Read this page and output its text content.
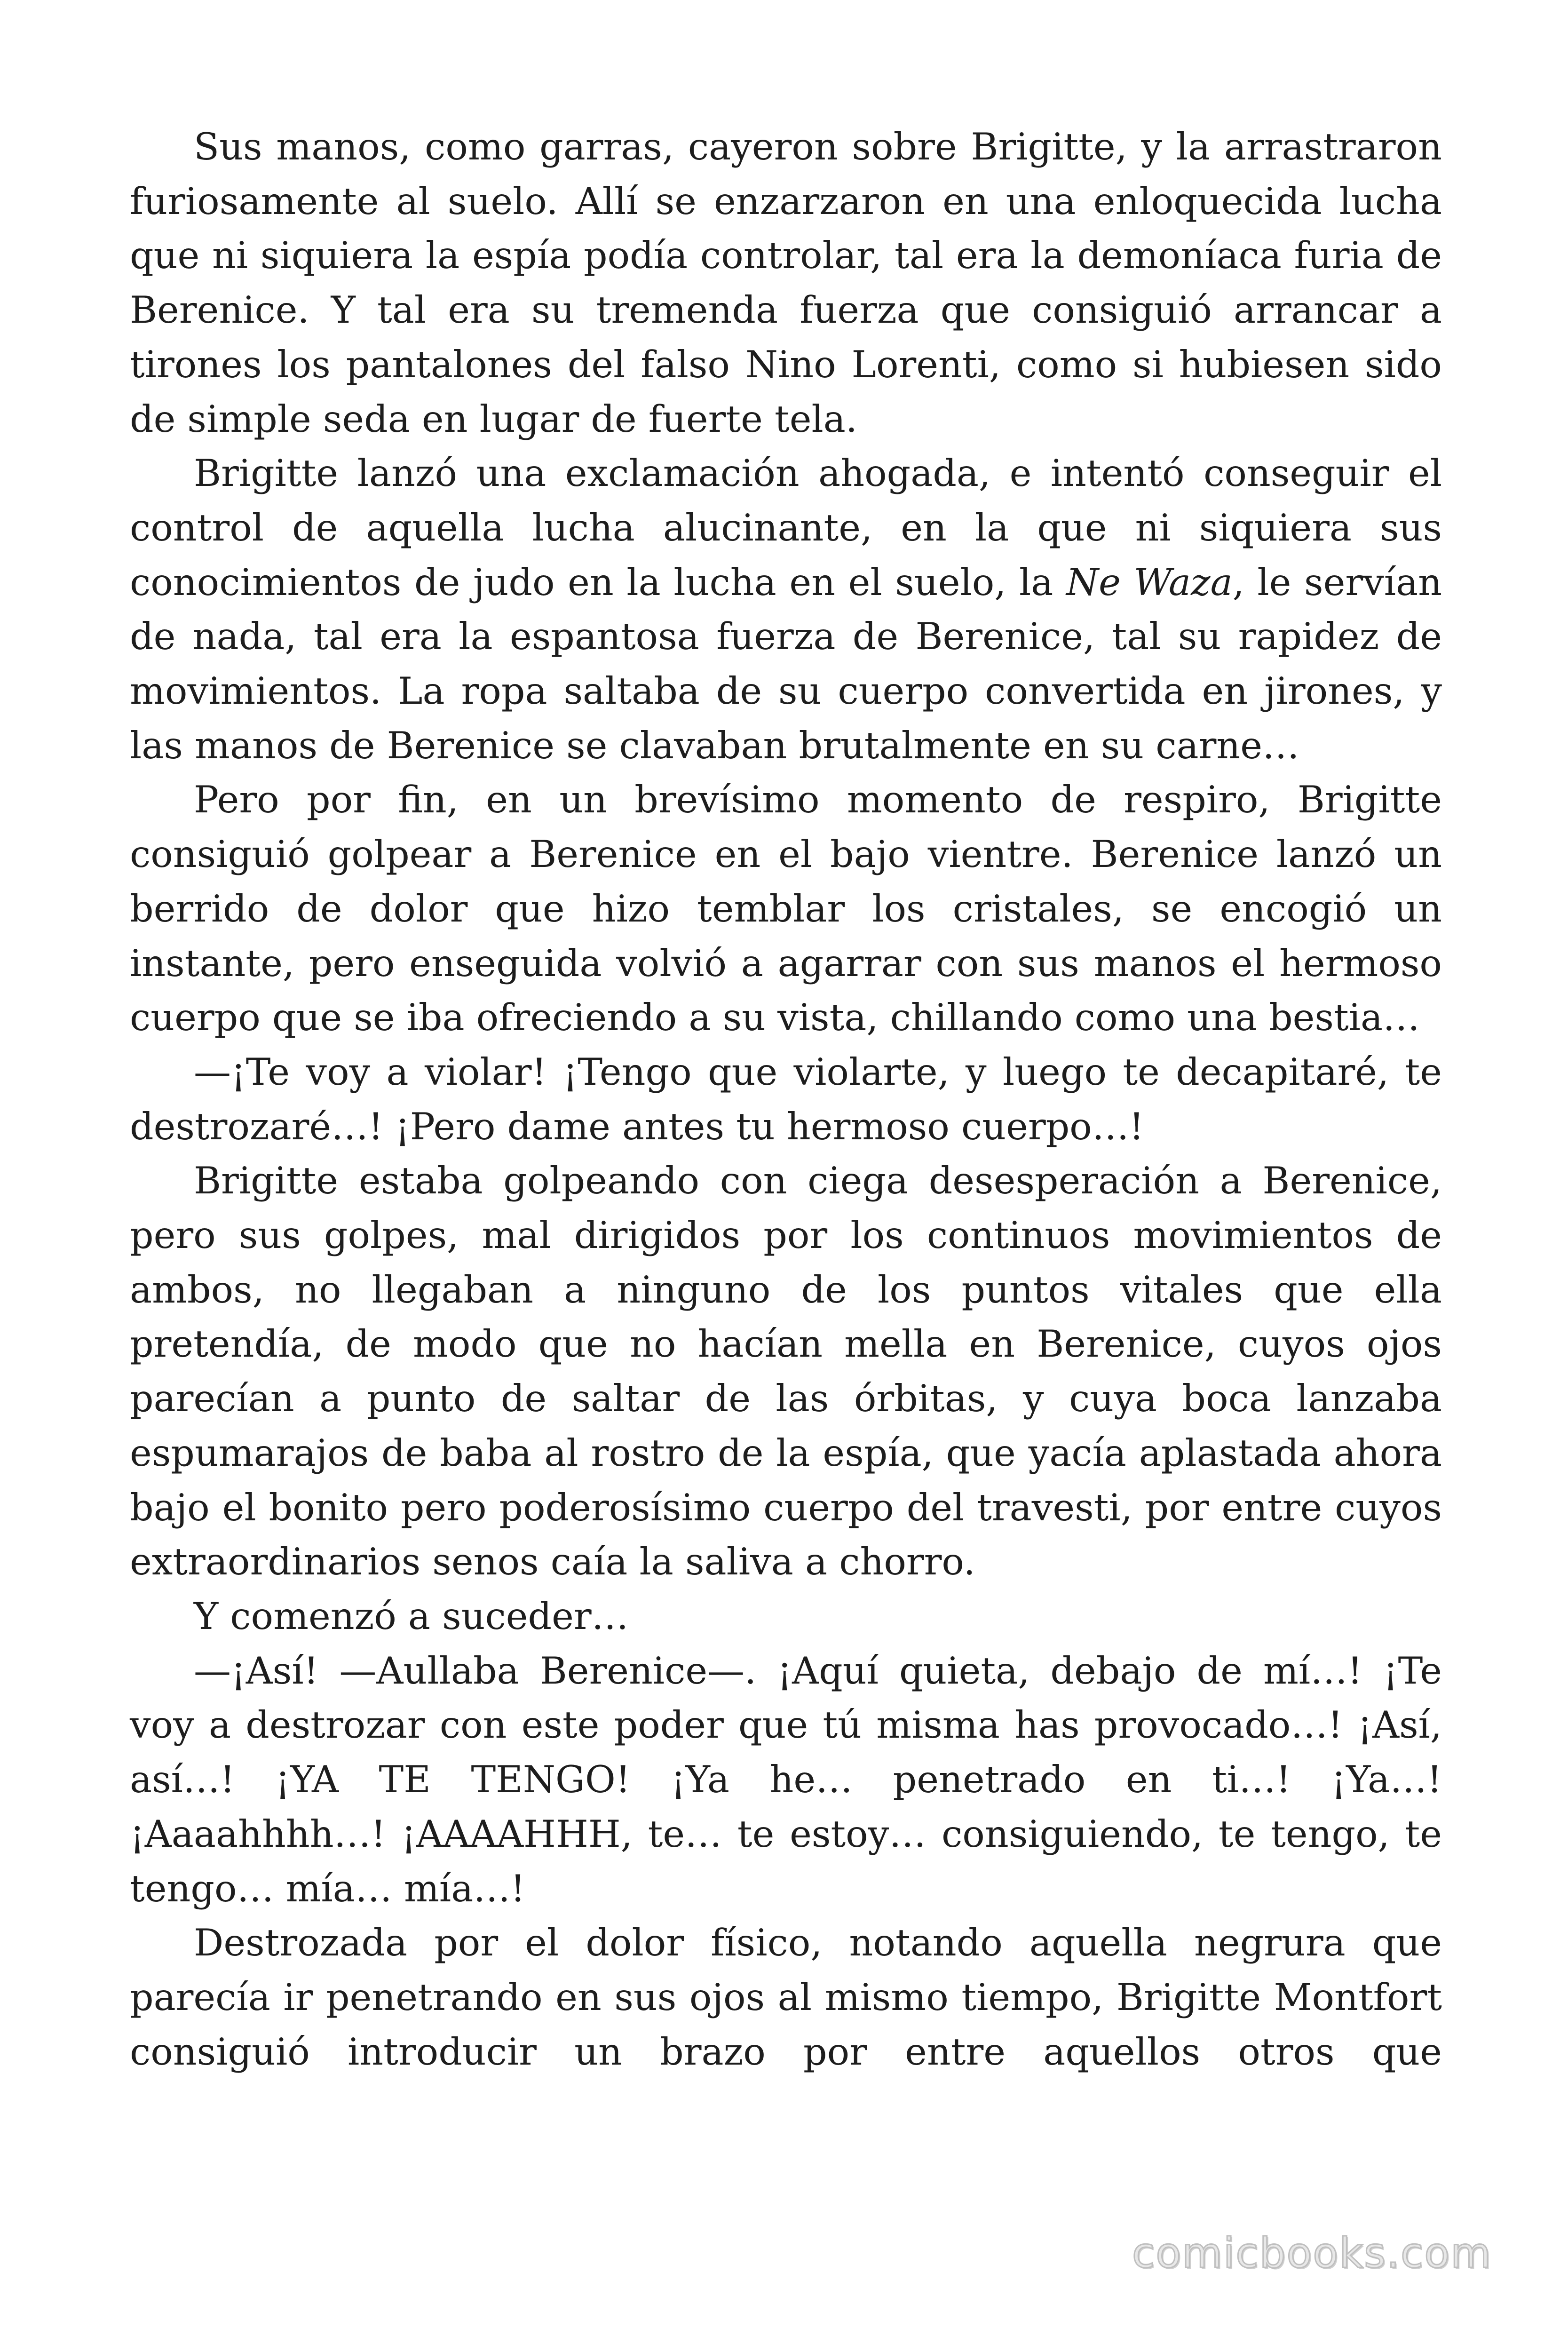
Sus manos, como garras, cayeron sobre Brigitte, y la arrastraron furiosamente al suelo. Allí se enzarzaron en una enloquecida lucha que ni siquiera la espía podía controlar, tal era la demoníaca furia de Berenice. Y tal era su tremenda fuerza que consiguió arrancar a tirones los pantalones del falso Nino Lorenti, como si hubiesen sido de simple seda en lugar de fuerte tela.

Brigitte lanzó una exclamación ahogada, e intentó conseguir el control de aquella lucha alucinante, en la que ni siquiera sus conocimientos de judo en la lucha en el suelo, la Ne Waza, le servían de nada, tal era la espantosa fuerza de Berenice, tal su rapidez de movimientos. La ropa saltaba de su cuerpo convertida en jirones, y las manos de Berenice se clavaban brutalmente en su carne…

Pero por fin, en un brevísimo momento de respiro, Brigitte consiguió golpear a Berenice en el bajo vientre. Berenice lanzó un berrido de dolor que hizo temblar los cristales, se encogió un instante, pero enseguida volvió a agarrar con sus manos el hermoso cuerpo que se iba ofreciendo a su vista, chillando como una bestia…

—¡Te voy a violar! ¡Tengo que violarte, y luego te decapitaré, te destrozaré…! ¡Pero dame antes tu hermoso cuerpo…!

Brigitte estaba golpeando con ciega desesperación a Berenice, pero sus golpes, mal dirigidos por los continuos movimientos de ambos, no llegaban a ninguno de los puntos vitales que ella pretendía, de modo que no hacían mella en Berenice, cuyos ojos parecían a punto de saltar de las órbitas, y cuya boca lanzaba espumarajos de baba al rostro de la espía, que yacía aplastada ahora bajo el bonito pero poderosísimo cuerpo del travesti, por entre cuyos extraordinarios senos caía la saliva a chorro.

Y comenzó a suceder…

—¡Así! —Aullaba Berenice—. ¡Aquí quieta, debajo de mí…! ¡Te voy a destrozar con este poder que tú misma has provocado…! ¡Así, así…! ¡YA TE TENGO! ¡Ya he… penetrado en ti…! ¡Ya…! ¡Aaaahhhh…! ¡AAAAHHH, te… te estoy… consiguiendo, te tengo, te tengo… mía… mía…!

Destrozada por el dolor físico, notando aquella negrura que parecía ir penetrando en sus ojos al mismo tiempo, Brigitte Montfort consiguió introducir un brazo por entre aquellos otros que

comicbooks.com
